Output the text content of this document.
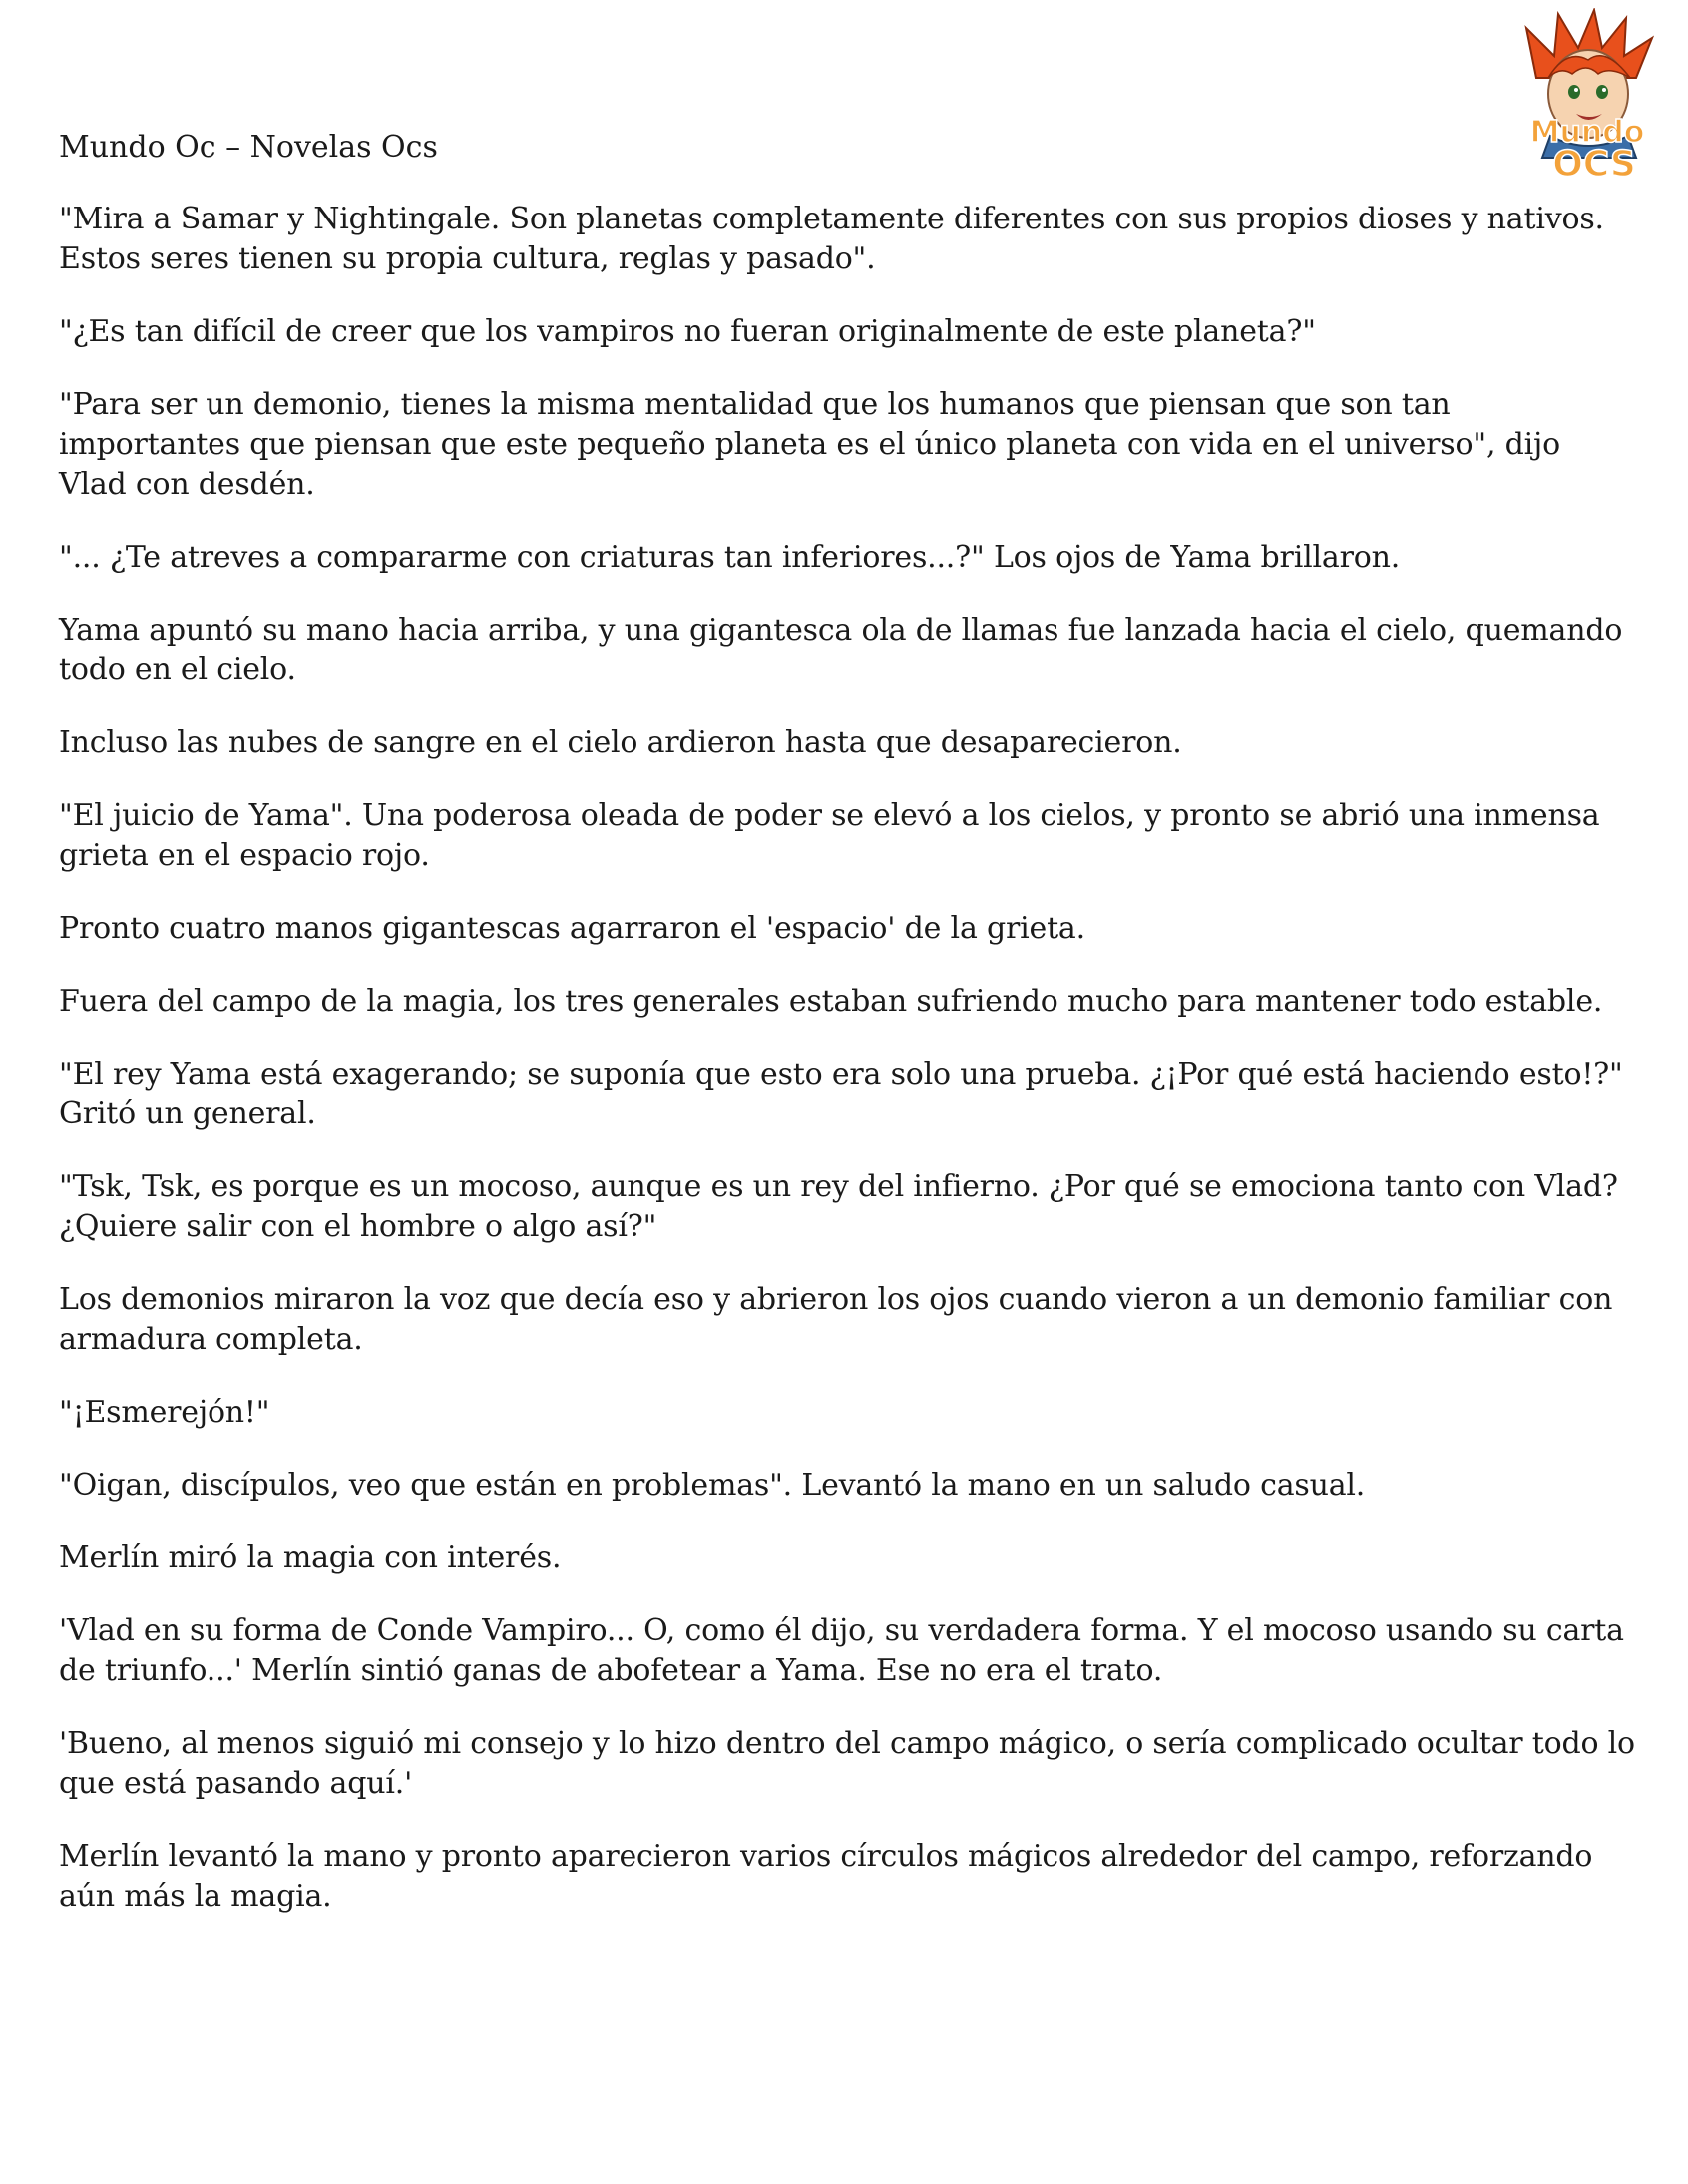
Mundo
OCS
Mundo Oc – Novelas Ocs

"Mira a Samar y Nightingale. Son planetas completamente diferentes con sus propios dioses y nativos. Estos seres tienen su propia cultura, reglas y pasado".

"¿Es tan difícil de creer que los vampiros no fueran originalmente de este planeta?"

"Para ser un demonio, tienes la misma mentalidad que los humanos que piensan que son tan importantes que piensan que este pequeño planeta es el único planeta con vida en el universo", dijo Vlad con desdén.

"... ¿Te atreves a compararme con criaturas tan inferiores...?" Los ojos de Yama brillaron.

Yama apuntó su mano hacia arriba, y una gigantesca ola de llamas fue lanzada hacia el cielo, quemando todo en el cielo.

Incluso las nubes de sangre en el cielo ardieron hasta que desaparecieron.

"El juicio de Yama". Una poderosa oleada de poder se elevó a los cielos, y pronto se abrió una inmensa grieta en el espacio rojo.

Pronto cuatro manos gigantescas agarraron el 'espacio' de la grieta.

Fuera del campo de la magia, los tres generales estaban sufriendo mucho para mantener todo estable.

"El rey Yama está exagerando; se suponía que esto era solo una prueba. ¿¡Por qué está haciendo esto!?" Gritó un general.

"Tsk, Tsk, es porque es un mocoso, aunque es un rey del infierno. ¿Por qué se emociona tanto con Vlad? ¿Quiere salir con el hombre o algo así?"

Los demonios miraron la voz que decía eso y abrieron los ojos cuando vieron a un demonio familiar con armadura completa.

"¡Esmerejón!"

"Oigan, discípulos, veo que están en problemas". Levantó la mano en un saludo casual.

Merlín miró la magia con interés.

'Vlad en su forma de Conde Vampiro... O, como él dijo, su verdadera forma. Y el mocoso usando su carta de triunfo...' Merlín sintió ganas de abofetear a Yama. Ese no era el trato.

'Bueno, al menos siguió mi consejo y lo hizo dentro del campo mágico, o sería complicado ocultar todo lo que está pasando aquí.'

Merlín levantó la mano y pronto aparecieron varios círculos mágicos alrededor del campo, reforzando aún más la magia.
